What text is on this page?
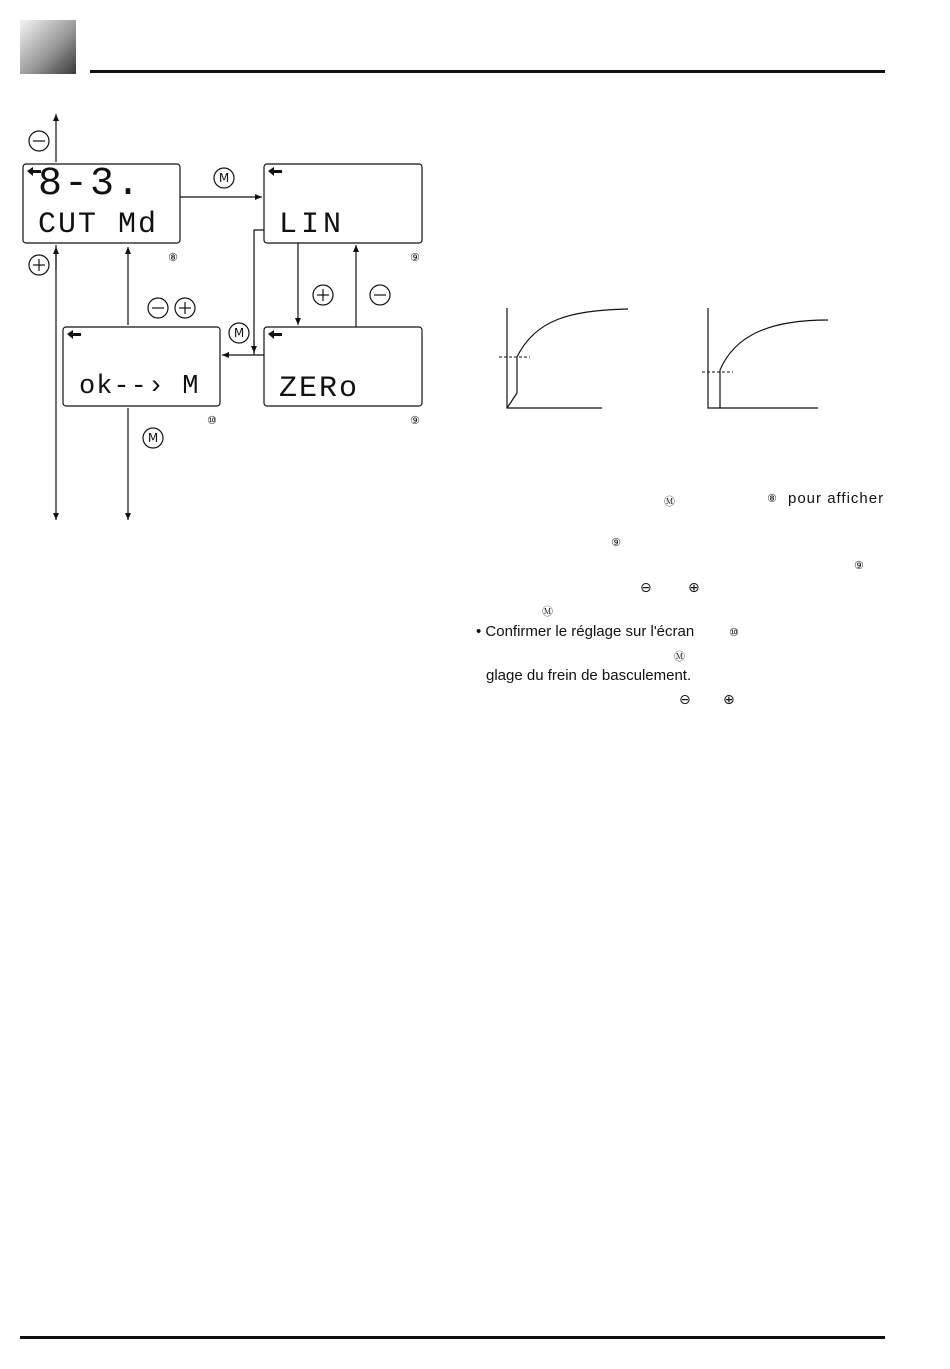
M
M
M
8-3.
CUT Md
⑧
LIN
⑨
ok--› M
⑩
ZERo
⑨
Ⓜ	⑧ pour afficher
⑨
⑨
⊖	⊕
Ⓜ
• Confirmer le réglage sur l'écran	⑩
Ⓜ
glage du frein de basculement.
⊖ ⊕
